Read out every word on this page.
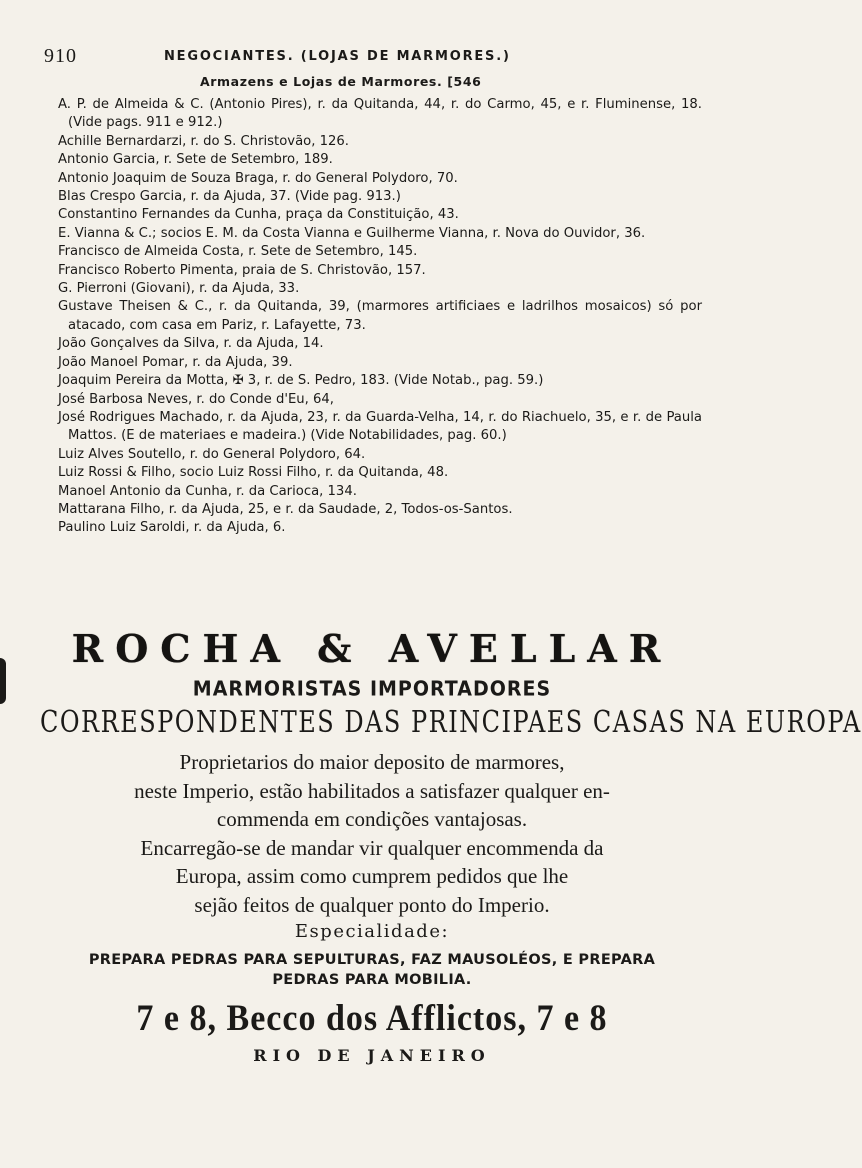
910	NEGOCIANTES. (LOJAS DE MARMORES.)
Armazens e Lojas de Marmores. [546
A. P. de Almeida & C. (Antonio Pires), r. da Quitanda, 44, r. do Carmo, 45, e r. Fluminense, 18. (Vide pags. 911 e 912.)
Achille Bernardarzi, r. do S. Christovão, 126.
Antonio Garcia, r. Sete de Setembro, 189.
Antonio Joaquim de Souza Braga, r. do General Polydoro, 70.
Blas Crespo Garcia, r. da Ajuda, 37. (Vide pag. 913.)
Constantino Fernandes da Cunha, praça da Constituição, 43.
E. Vianna & C.; socios E. M. da Costa Vianna e Guilherme Vianna, r. Nova do Ouvidor, 36.
Francisco de Almeida Costa, r. Sete de Setembro, 145.
Francisco Roberto Pimenta, praia de S. Christovão, 157.
G. Pierroni (Giovani), r. da Ajuda, 33.
Gustave Theisen & C., r. da Quitanda, 39, (marmores artificiaes e ladrilhos mosaicos) só por atacado, com casa em Pariz, r. Lafayette, 73.
João Gonçalves da Silva, r. da Ajuda, 14.
João Manoel Pomar, r. da Ajuda, 39.
Joaquim Pereira da Motta, ✠ 3, r. de S. Pedro, 183. (Vide Notab., pag. 59.)
José Barbosa Neves, r. do Conde d'Eu, 64,
José Rodrigues Machado, r. da Ajuda, 23, r. da Guarda-Velha, 14, r. do Riachuelo, 35, e r. de Paula Mattos. (E de materiaes e madeira.) (Vide Notabilidades, pag. 60.)
Luiz Alves Soutello, r. do General Polydoro, 64.
Luiz Rossi & Filho, socio Luiz Rossi Filho, r. da Quitanda, 48.
Manoel Antonio da Cunha, r. da Carioca, 134.
Mattarana Filho, r. da Ajuda, 25, e r. da Saudade, 2, Todos-os-Santos.
Paulino Luiz Saroldi, r. da Ajuda, 6.
ROCHA & AVELLAR
MARMORISTAS IMPORTADORES
CORRESPONDENTES DAS PRINCIPAES CASAS NA EUROPA
Proprietarios do maior deposito de marmores,
neste Imperio, estão habilitados a satisfazer qualquer en-
commenda em condições vantajosas.
Encarregão-se de mandar vir qualquer encommenda da
Europa, assim como cumprem pedidos que lhe
sejão feitos de qualquer ponto do Imperio.
Especialidade:
PREPARA PEDRAS PARA SEPULTURAS, FAZ MAUSOLÉOS, E PREPARA
PEDRAS PARA MOBILIA.
7 e 8, Becco dos Afflictos, 7 e 8
RIO DE JANEIRO
